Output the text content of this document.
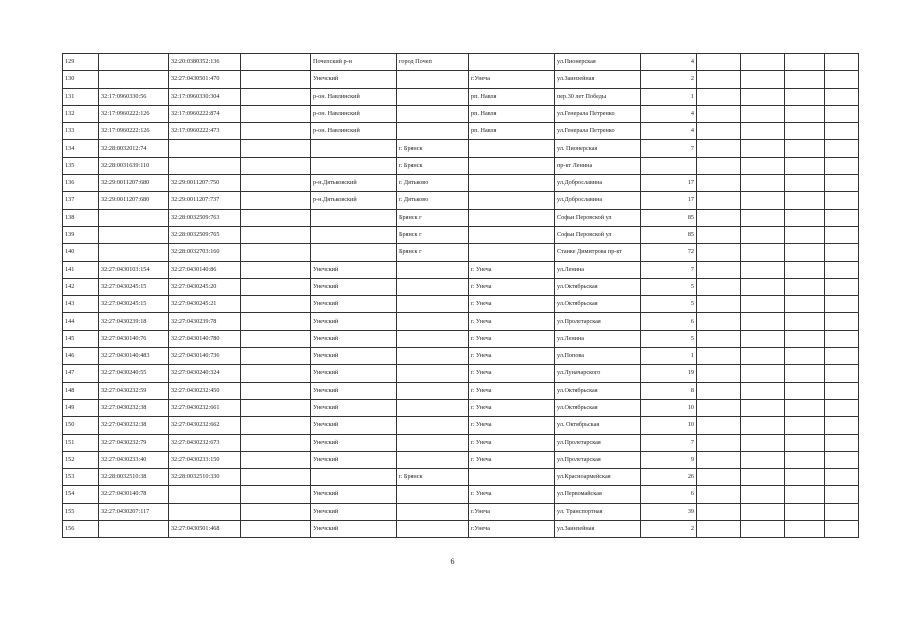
129		32:20:0380352:136		Почепский р-н	город Почеп		ул.Пионерская	4				
130		32:27:0430501:470		Унечский		г.Унеча	ул.Заинзейная	2				
131	32:17:0960330:56	32:17:0960330:304		р-он. Навлинский		рп. Навля	пер.30 лет Победы	1				
132	32:17:0960222:126	32:17:0960222:874		р-он. Навлинский		рп. Навля	ул.Генерала Петренко	4				
133	32:17:0960222:126	32:17:0960222:473		р-он. Навлинский		рп. Навля	ул.Генерала Петренко	4				
134	32:28:0032012:74				г. Брянск		ул. Пионерская	7				
135	32:28:0031639:110				г. Брянск		пр-кт Ленина					
136	32:29:0011207:680	32:29:0011207:750		р-н.Дятьковский	г. Дятьково		ул.Доброславина	17				
137	32:29:0011207:680	32:29:0011207:737		р-н.Дятьковский	г. Дятьково		ул.Доброславина	17				
138		32:28:0032509:763			Брянск г		Софьи Перовской ул	85				
139		32:28:0032509:765			Брянск г		Софьи Перовской ул	85				
140		32:28:0032703:160			Брянск г		Станке Димитрова пр-кт	72				
141	32:27:0430103:154	32:27:0430140:86		Унечский		г. Унеча	ул.Ленина	7				
142	32:27:0430245:15	32:27:0430245:20		Унечский		г. Унеча	ул.Октябрьская	5				
143	32:27:0430245:15	32:27:0430245:21		Унечский		г. Унеча	ул.Октябрьская	5				
144	32:27:0430239:18	32:27:0430239:78		Унечский		г. Унеча	ул.Пролетарская	6				
145	32:27:0430140:76	32:27:0430140:780		Унечский		г. Унеча	ул.Ленина	5				
146	32:27:0430140:483	32:27:0430140:736		Унечский		г. Унеча	ул.Попова	1				
147	32:27:0430240:55	32:27:0430240:324		Унечский		г. Унеча	ул.Луначарского	19				
148	32:27:0430232:59	32:27:0430232:450		Унечский		г. Унеча	ул.Октябрьская	8				
149	32:27:0430232:38	32:27:0430232:661		Унечский		г. Унеча	ул.Октябрьская	10				
150	32:27:0430232:38	32:27:0430232:662		Унечский		г. Унеча	ул. Октябрьская	10				
151	32:27:0430232:79	32:27:0430232:673		Унечский		г. Унеча	ул.Пролетарская	7				
152	32:27:0430233:40	32:27:0430233:150		Унечский		г. Унеча	ул.Пролетарская	9				
153	32:28:0032510:38	32:28:0032510:330			г. Брянск		ул.Красноармейская	26				
154	32:27:0430140:78			Унечский		г. Унеча	ул.Первомайская	6				
155	32:27:0430207:117			Унечский		г.Унеча	ул. Транспортная	39				
156		32:27:0430501:468		Унечский		г.Унеча	ул.Заинзейная	2				
6
